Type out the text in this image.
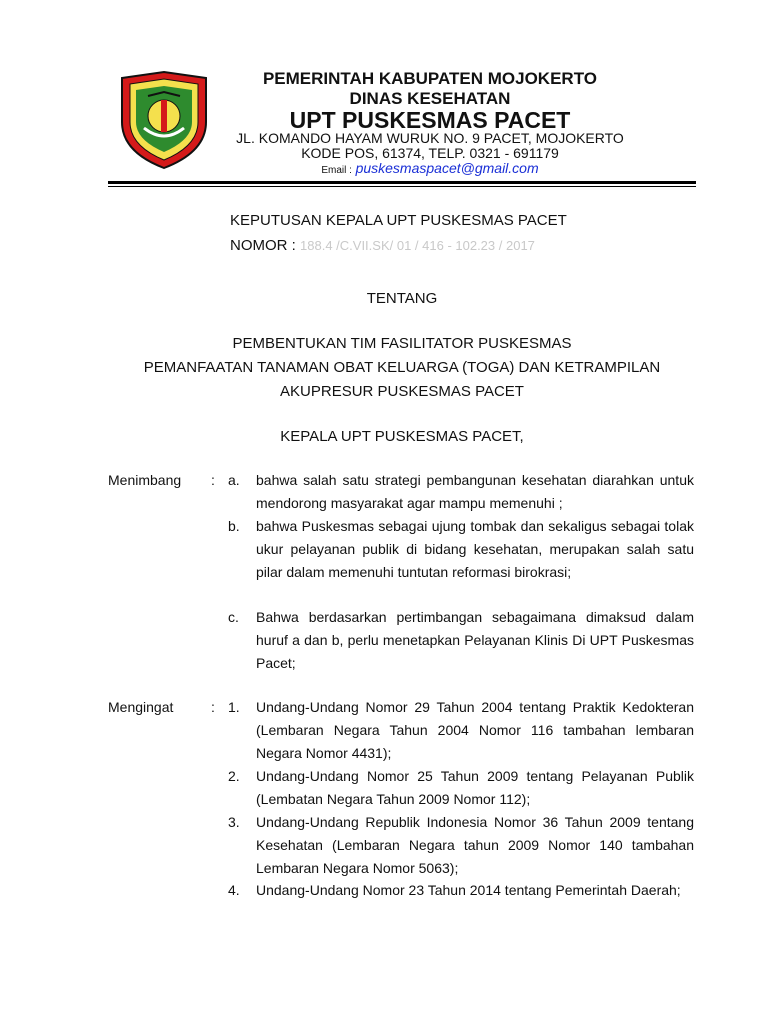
PEMERINTAH KABUPATEN MOJOKERTO
DINAS KESEHATAN
UPT PUSKESMAS PACET
JL. KOMANDO HAYAM WURUK NO. 9 PACET, MOJOKERTO
KODE POS, 61374, TELP. 0321 - 691179
Email : puskesmaspacet@gmail.com
KEPUTUSAN KEPALA UPT PUSKESMAS PACET
NOMOR : 188.4 /C.VII.SK/ 01 / 416 - 102.23 / 2017
TENTANG
PEMBENTUKAN TIM FASILITATOR PUSKESMAS
PEMANFAATAN TANAMAN OBAT KELUARGA (TOGA) DAN KETRAMPILAN
AKUPRESUR PUSKESMAS PACET
KEPALA UPT PUSKESMAS PACET,
Menimbang : a.	bahwa salah satu strategi pembangunan kesehatan diarahkan untuk mendorong masyarakat agar mampu memenuhi ;
b.	bahwa Puskesmas sebagai ujung tombak dan sekaligus sebagai tolak ukur pelayanan publik di bidang kesehatan, merupakan salah satu pilar dalam memenuhi tuntutan reformasi birokrasi;
c.	Bahwa berdasarkan pertimbangan sebagaimana dimaksud dalam huruf a dan b, perlu menetapkan Pelayanan Klinis Di UPT Puskesmas Pacet;
Mengingat	: 1.	Undang-Undang Nomor 29 Tahun 2004 tentang Praktik Kedokteran (Lembaran Negara Tahun 2004 Nomor 116 tambahan lembaran Negara Nomor 4431);
2.	Undang-Undang Nomor 25 Tahun 2009 tentang Pelayanan Publik (Lembatan Negara Tahun 2009 Nomor 112);
3.	Undang-Undang Republik Indonesia Nomor 36 Tahun 2009 tentang Kesehatan (Lembaran Negara tahun 2009 Nomor 140 tambahan Lembaran Negara Nomor 5063);
4.	Undang-Undang Nomor 23 Tahun 2014 tentang Pemerintah Daerah;
